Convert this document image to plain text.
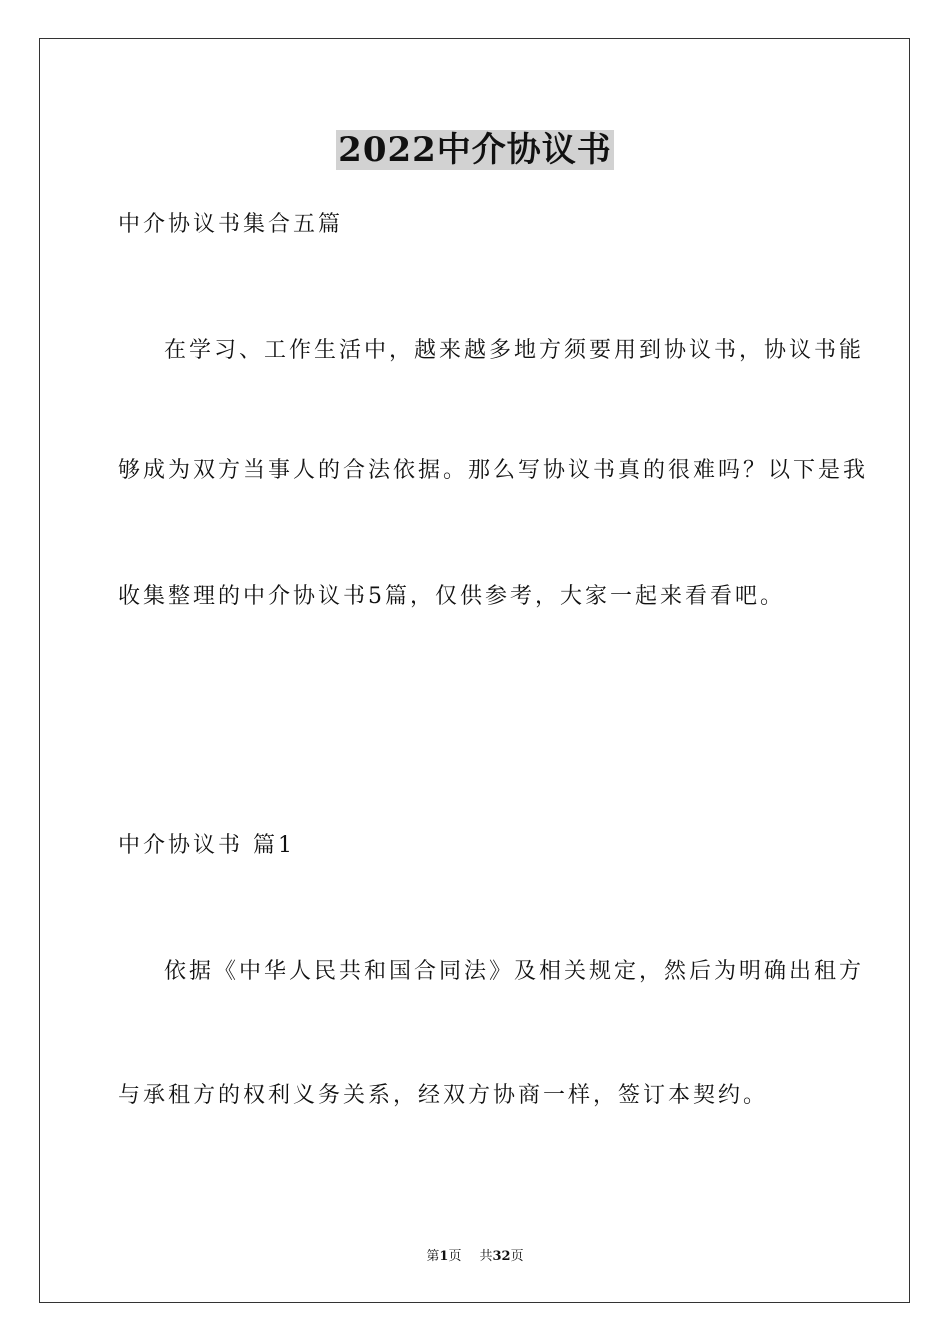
2022中介协议书
中介协议书集合五篇
在学习、工作生活中，越来越多地方须要用到协议书，协议书能
够成为双方当事人的合法依据。那么写协议书真的很难吗？以下是我
收集整理的中介协议书5篇，仅供参考，大家一起来看看吧。
中介协议书 篇1
依据《中华人民共和国合同法》及相关规定，然后为明确出租方
与承租方的权利义务关系，经双方协商一样，签订本契约。
第1页 共32页
